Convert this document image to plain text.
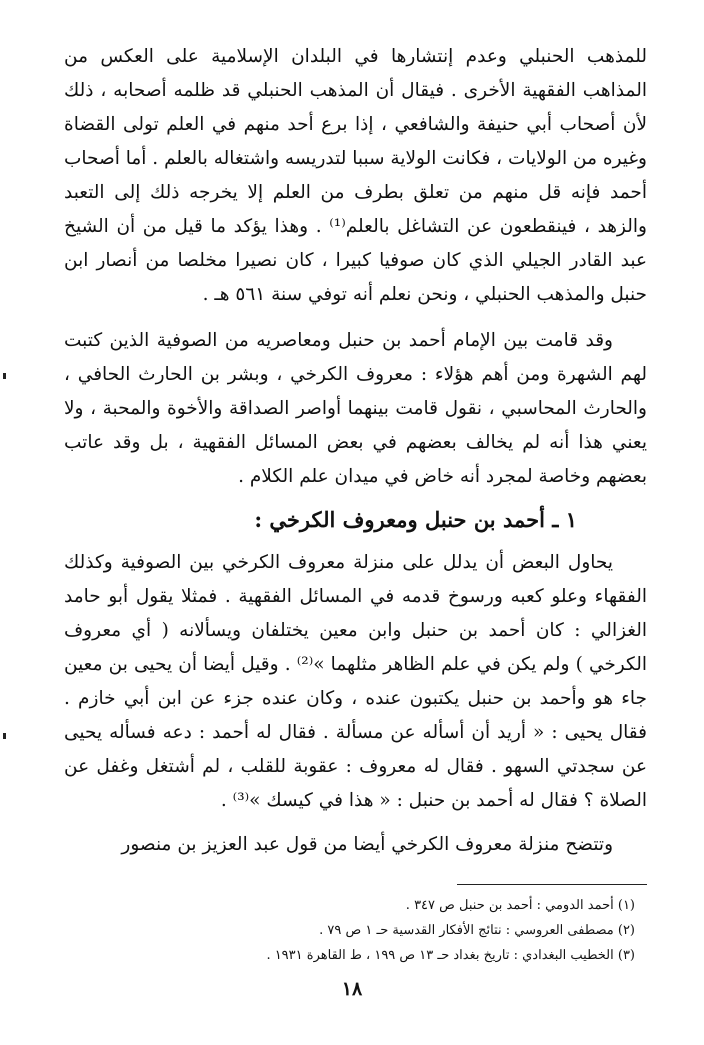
للمذهب الحنبلي وعدم إنتشارها في البلدان الإسلامية على العكس من المذاهب الفقهية الأخرى . فيقال أن المذهب الحنبلي قد ظلمه أصحابه ، ذلك لأن أصحاب أبي حنيفة والشافعي ، إذا برع أحد منهم في العلم تولى القضاة وغيره من الولايات ، فكانت الولاية سببا لتدريسه واشتغاله بالعلم . أما أصحاب أحمد فإنه قل منهم من تعلق بطرف من العلم إلا يخرجه ذلك إلى التعبد والزهد ، فينقطعون عن التشاغل بالعلم⁽¹⁾ . وهذا يؤكد ما قيل من أن الشيخ عبد القادر الجيلي الذي كان صوفيا كبيرا ، كان نصيرا مخلصا من أنصار ابن حنبل والمذهب الحنبلي ، ونحن نعلم أنه توفي سنة ٥٦١ هـ .

وقد قامت بين الإمام أحمد بن حنبل ومعاصريه من الصوفية الذين كتبت لهم الشهرة ومن أهم هؤلاء : معروف الكرخي ، وبشر بن الحارث الحافي ، والحارث المحاسبي ، نقول قامت بينهما أواصر الصداقة والأخوة والمحبة ، ولا يعني هذا أنه لم يخالف بعضهم في بعض المسائل الفقهية ، بل وقد عاتب بعضهم وخاصة لمجرد أنه خاض في ميدان علم الكلام .

١ ـ أحمد بن حنبل ومعروف الكرخي :

يحاول البعض أن يدلل على منزلة معروف الكرخي بين الصوفية وكذلك الفقهاء وعلو كعبه ورسوخ قدمه في المسائل الفقهية . فمثلا يقول أبو حامد الغزالي : كان أحمد بن حنبل وابن معين يختلفان ويسألانه ( أي معروف الكرخي ) ولم يكن في علم الظاهر مثلهما »⁽²⁾ . وقيل أيضا أن يحيى بن معين جاء هو وأحمد بن حنبل يكتبون عنده ، وكان عنده جزء عن ابن أبي خازم . فقال يحيى : « أريد أن أسأله عن مسألة . فقال له أحمد : دعه فسأله يحيى عن سجدتي السهو . فقال له معروف : عقوبة للقلب ، لم أشتغل وغفل عن الصلاة ؟ فقال له أحمد بن حنبل : « هذا في كيسك »⁽³⁾ .

وتتضح منزلة معروف الكرخي أيضا من قول عبد العزيز بن منصور

(١) أحمد الدومي : أحمد بن حنبل ص ٣٤٧ .

(٢) مصطفى العروسي : نتائج الأفكار القدسية حـ ١ ص ٧٩ .

(٣) الخطيب البغدادي : تاريخ بغداد حـ ١٣ ص ١٩٩ ، ط القاهرة ١٩٣١ .

١٨
